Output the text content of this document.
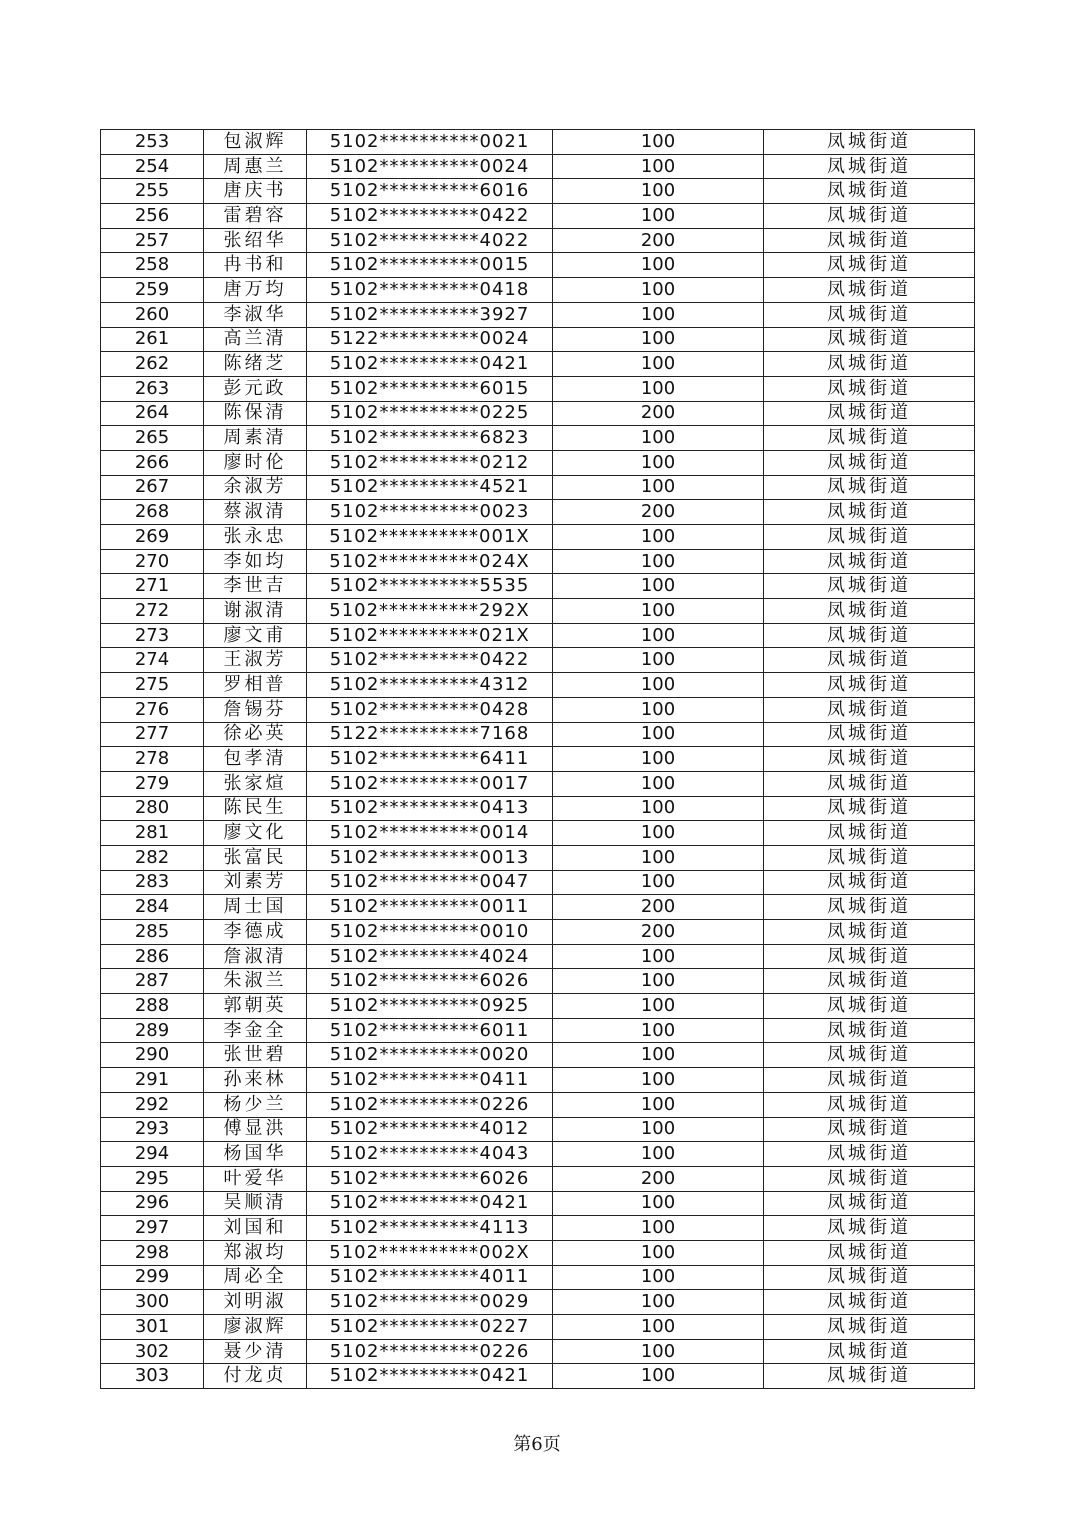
253	包淑辉	5102**********0021	100	凤城街道
254	周惠兰	5102**********0024	100	凤城街道
255	唐庆书	5102**********6016	100	凤城街道
256	雷碧容	5102**********0422	100	凤城街道
257	张绍华	5102**********4022	200	凤城街道
258	冉书和	5102**********0015	100	凤城街道
259	唐万均	5102**********0418	100	凤城街道
260	李淑华	5102**********3927	100	凤城街道
261	高兰清	5122**********0024	100	凤城街道
262	陈绪芝	5102**********0421	100	凤城街道
263	彭元政	5102**********6015	100	凤城街道
264	陈保清	5102**********0225	200	凤城街道
265	周素清	5102**********6823	100	凤城街道
266	廖时伦	5102**********0212	100	凤城街道
267	余淑芳	5102**********4521	100	凤城街道
268	蔡淑清	5102**********0023	200	凤城街道
269	张永忠	5102**********001X	100	凤城街道
270	李如均	5102**********024X	100	凤城街道
271	李世吉	5102**********5535	100	凤城街道
272	谢淑清	5102**********292X	100	凤城街道
273	廖文甫	5102**********021X	100	凤城街道
274	王淑芳	5102**********0422	100	凤城街道
275	罗相普	5102**********4312	100	凤城街道
276	詹锡芬	5102**********0428	100	凤城街道
277	徐必英	5122**********7168	100	凤城街道
278	包孝清	5102**********6411	100	凤城街道
279	张家煊	5102**********0017	100	凤城街道
280	陈民生	5102**********0413	100	凤城街道
281	廖文化	5102**********0014	100	凤城街道
282	张富民	5102**********0013	100	凤城街道
283	刘素芳	5102**********0047	100	凤城街道
284	周士国	5102**********0011	200	凤城街道
285	李德成	5102**********0010	200	凤城街道
286	詹淑清	5102**********4024	100	凤城街道
287	朱淑兰	5102**********6026	100	凤城街道
288	郭朝英	5102**********0925	100	凤城街道
289	李金全	5102**********6011	100	凤城街道
290	张世碧	5102**********0020	100	凤城街道
291	孙来林	5102**********0411	100	凤城街道
292	杨少兰	5102**********0226	100	凤城街道
293	傅显洪	5102**********4012	100	凤城街道
294	杨国华	5102**********4043	100	凤城街道
295	叶爱华	5102**********6026	200	凤城街道
296	吴顺清	5102**********0421	100	凤城街道
297	刘国和	5102**********4113	100	凤城街道
298	郑淑均	5102**********002X	100	凤城街道
299	周必全	5102**********4011	100	凤城街道
300	刘明淑	5102**********0029	100	凤城街道
301	廖淑辉	5102**********0227	100	凤城街道
302	聂少清	5102**********0226	100	凤城街道
303	付龙贞	5102**********0421	100	凤城街道
第6页
